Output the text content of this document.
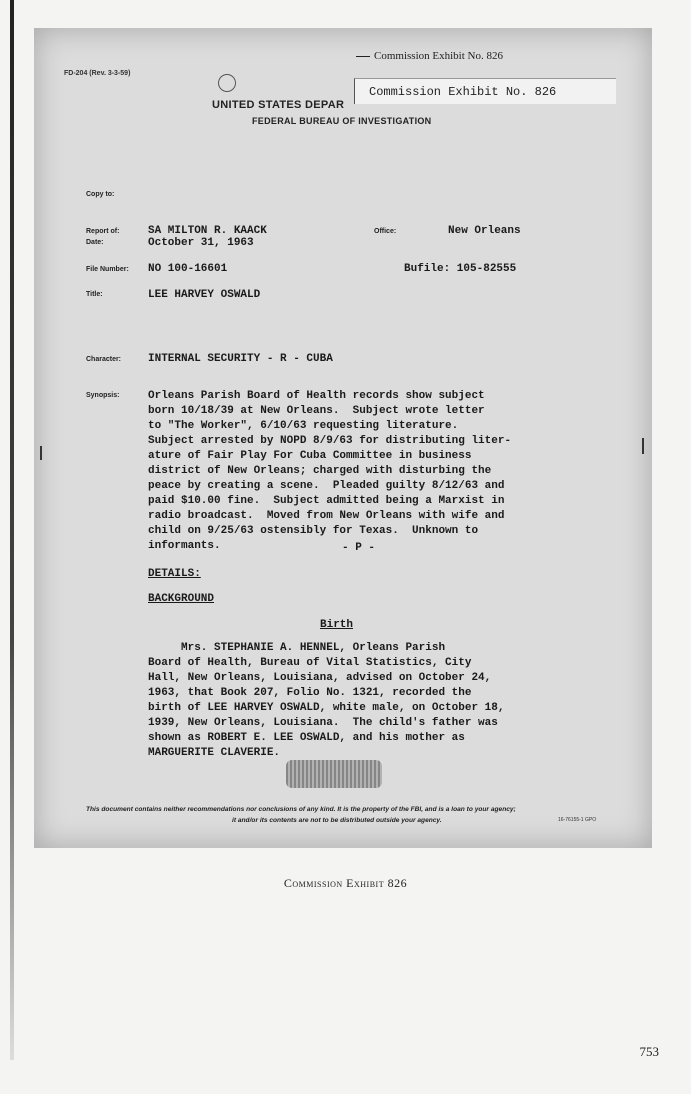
Commission Exhibit No. 826
Commission Exhibit No. 826
FD-204 (Rev. 3-3-59)
UNITED STATES DEPAR
FEDERAL BUREAU OF INVESTIGATION
Copy to:
Report of:	SA MILTON R. KAACK
Date:	October 31, 1963
Office:	New Orleans
File Number: NO 100-16601	Bufile: 105-82555
Title:	LEE HARVEY OSWALD
Character: INTERNAL SECURITY - R - CUBA
Synopsis:	Orleans Parish Board of Health records show subject
born 10/18/39 at New Orleans.  Subject wrote letter
to "The Worker", 6/10/63 requesting literature.
Subject arrested by NOPD 8/9/63 for distributing liter-
ature of Fair Play For Cuba Committee in business
district of New Orleans; charged with disturbing the
peace by creating a scene.  Pleaded guilty 8/12/63 and
paid $10.00 fine.  Subject admitted being a Marxist in
radio broadcast.  Moved from New Orleans with wife and
child on 9/25/63 ostensibly for Texas.  Unknown to
informants.	- P -
DETAILS:
BACKGROUND
Birth
Mrs. STEPHANIE A. HENNEL, Orleans Parish
Board of Health, Bureau of Vital Statistics, City
Hall, New Orleans, Louisiana, advised on October 24,
1963, that Book 207, Folio No. 1321, recorded the
birth of LEE HARVEY OSWALD, white male, on October 18,
1939, New Orleans, Louisiana.  The child's father was
shown as ROBERT E. LEE OSWALD, and his mother as
MARGUERITE CLAVERIE.
This document contains neither recommendations nor conclusions of any kind. It is the property of the FBI, and is a loan to your agency;
it and/or its contents are not to be distributed outside your agency.	16-76155-1 GPO
Commission Exhibit 826
753
